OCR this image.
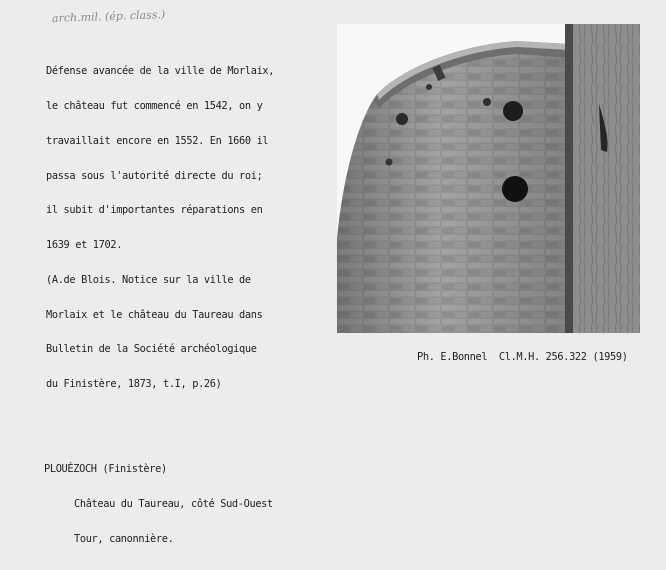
arch.mil. (ép. class.)

Défense avancée de la ville de Morlaix,

le château fut commencé en 1542, on y

travaillait encore en 1552. En 1660 il

passa sous l'autorité directe du roi;

il subit d'importantes réparations en

1639 et 1702.

(A.de Blois. Notice sur la ville de

Morlaix et le château du Taureau dans

Bulletin de la Société archéologique

du Finistère, 1873, t.I, p.26)

Ph. E.Bonnel  Cl.M.H. 256.322 (1959)

PLOUÉZOCH (Finistère)

Château du Taureau, côté Sud-Ouest

Tour, canonnière.
